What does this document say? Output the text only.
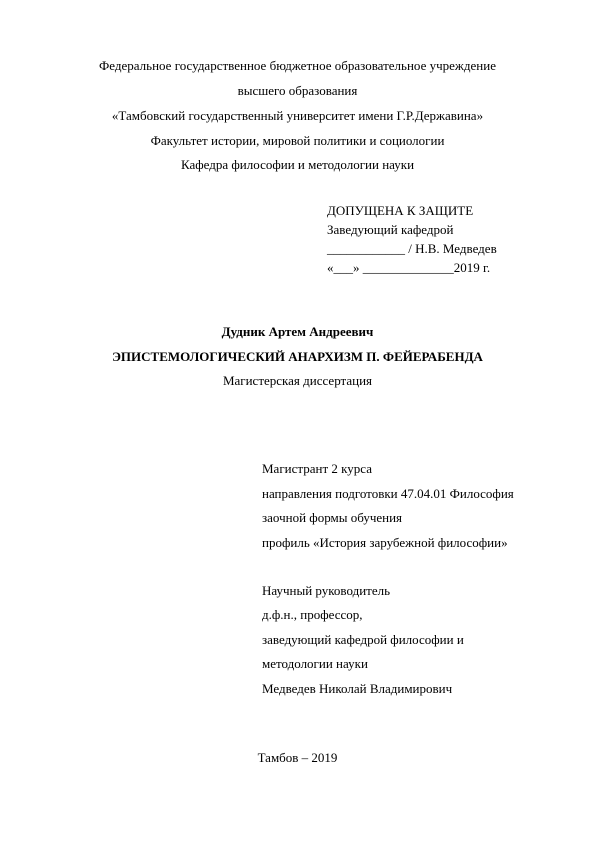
Федеральное государственное бюджетное образовательное учреждение
высшего образования
«Тамбовский государственный университет имени Г.Р.Державина»
Факультет истории, мировой политики и социологии
Кафедра философии и методологии науки
ДОПУЩЕНА К ЗАЩИТЕ
Заведующий кафедрой
____________ / Н.В. Медведев
«___» ______________2019 г.
Дудник Артем Андреевич
ЭПИСТЕМОЛОГИЧЕСКИЙ АНАРХИЗМ П. ФЕЙЕРАБЕНДА
Магистерская диссертация
Магистрант 2 курса
направления подготовки 47.04.01 Философия
заочной формы обучения
профиль «История зарубежной философии»
Научный руководитель
д.ф.н., профессор,
заведующий кафедрой философии и
методологии науки
Медведев Николай Владимирович
Тамбов – 2019
